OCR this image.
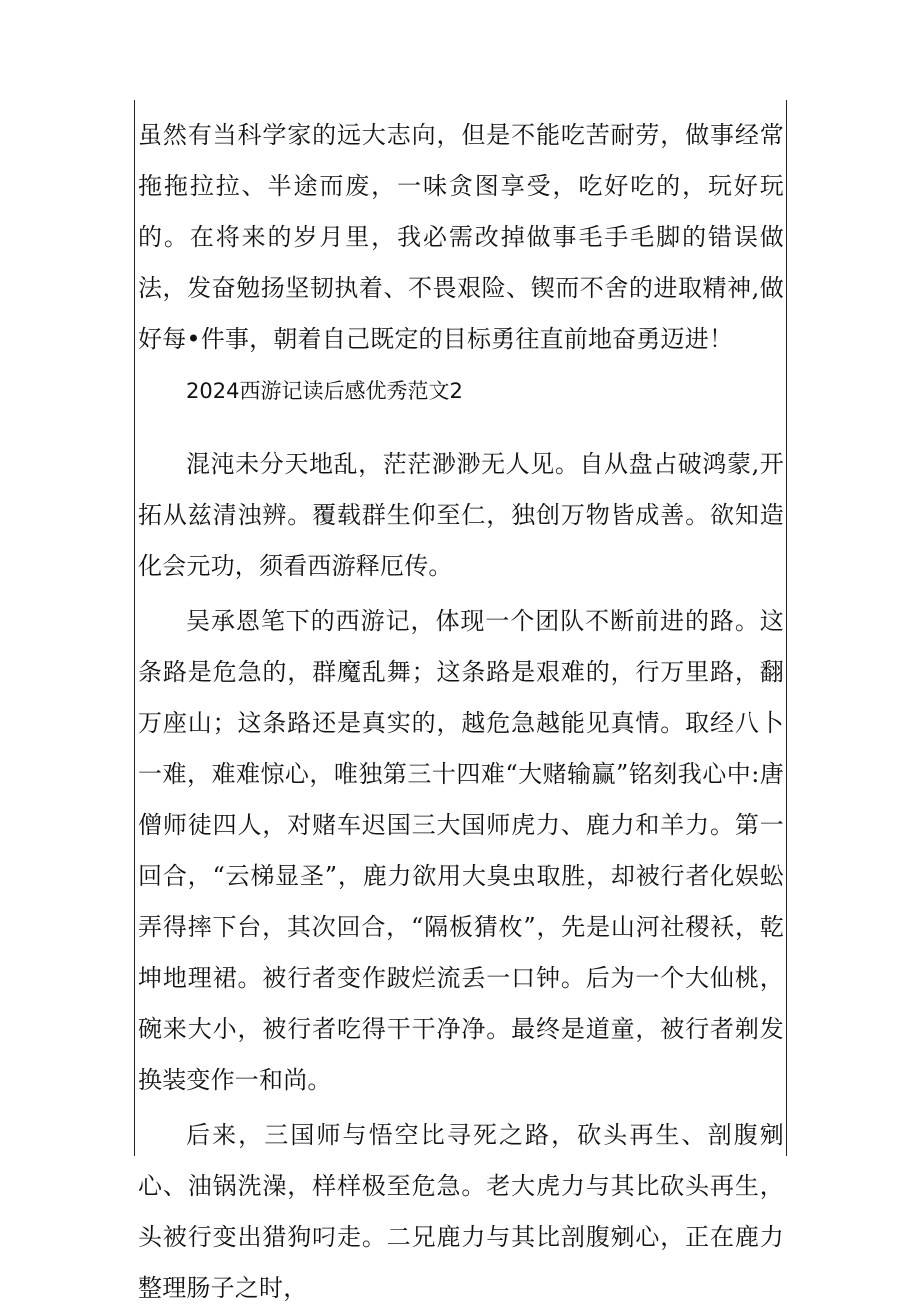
虽然有当科学家的远大志向，但是不能吃苦耐劳，做事经常拖拖拉拉、半途而废，一味贪图享受，吃好吃的，玩好玩的。在将来的岁月里，我必需改掉做事毛手毛脚的错误做法，发奋勉扬坚韧执着、不畏艰险、锲而不舍的进取精神,做好每•件事，朝着自己既定的目标勇往直前地奋勇迈进！

2024西游记读后感优秀范文2

混沌未分天地乱，茫茫渺渺无人见。自从盘占破鸿蒙,开拓从兹清浊辨。覆载群生仰至仁，独创万物皆成善。欲知造化会元功，须看西游释厄传。

吴承恩笔下的西游记，体现一个团队不断前进的路。这条路是危急的，群魔乱舞；这条路是艰难的，行万里路，翻万座山；这条路还是真实的，越危急越能见真情。取经八卜一难，难难惊心，唯独第三十四难“大赌输赢”铭刻我心中:唐僧师徒四人，对赌车迟国三大国师虎力、鹿力和羊力。第一回合，“云梯显圣”，鹿力欲用大臭虫取胜，却被行者化娱蚣弄得摔下台，其次回合，“隔板猜枚”，先是山河社稷袄，乾坤地理裙。被行者变作跛烂流丢一口钟。后为一个大仙桃，碗来大小，被行者吃得干干净净。最终是道童，被行者剃发换装变作一和尚。

后来，三国师与悟空比寻死之路，砍头再生、剖腹剜心、油锅洗澡，样样极至危急。老大虎力与其比砍头再生，头被行变出猎狗叼走。二兄鹿力与其比剖腹剜心，正在鹿力整理肠子之时，
